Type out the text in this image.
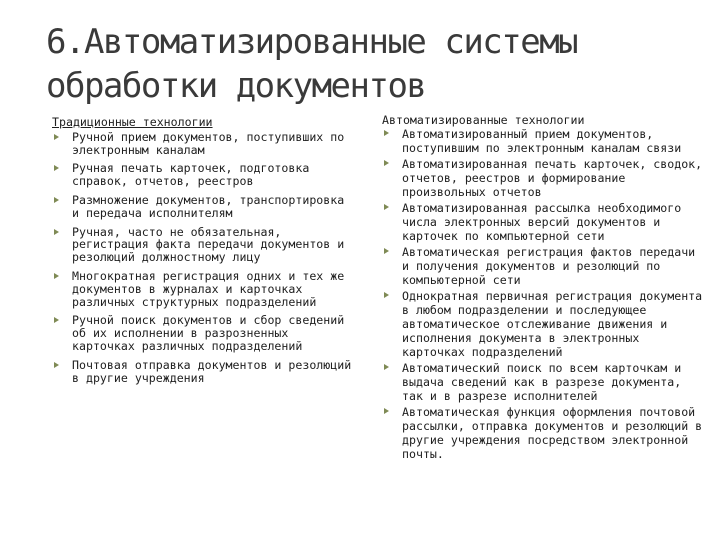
6.Автоматизированные системы обработки документов
Традиционные технологии
Ручной прием документов, поступивших по электронным каналам
Ручная печать карточек, подготовка справок, отчетов, реестров
Размножение документов, транспортировка и передача исполнителям
Ручная, часто не обязательная, регистрация факта передачи документов и резолюций должностному лицу
Многократная регистрация одних и тех же документов в журналах и карточках различных структурных подразделений
Ручной поиск документов и сбор сведений об их исполнении в разрозненных карточках различных подразделений
Почтовая отправка документов и резолюций в другие учреждения
Автоматизированные технологии
Автоматизированный прием документов, поступившим по электронным каналам связи
Автоматизированная печать карточек, сводок, отчетов, реестров и формирование произвольных отчетов
Автоматизированная рассылка необходимого числа электронных версий документов и карточек по компьютерной сети
Автоматическая регистрация фактов передачи и получения документов и резолюций по компьютерной сети
Однократная первичная регистрация документа в любом подразделении и последующее автоматическое отслеживание движения и исполнения документа в электронных карточках подразделений
Автоматический поиск по всем карточкам и выдача сведений как в разрезе документа, так и в разрезе исполнителей
Автоматическая функция оформления почтовой рассылки, отправка документов и резолюций в другие учреждения посредством электронной почты.
